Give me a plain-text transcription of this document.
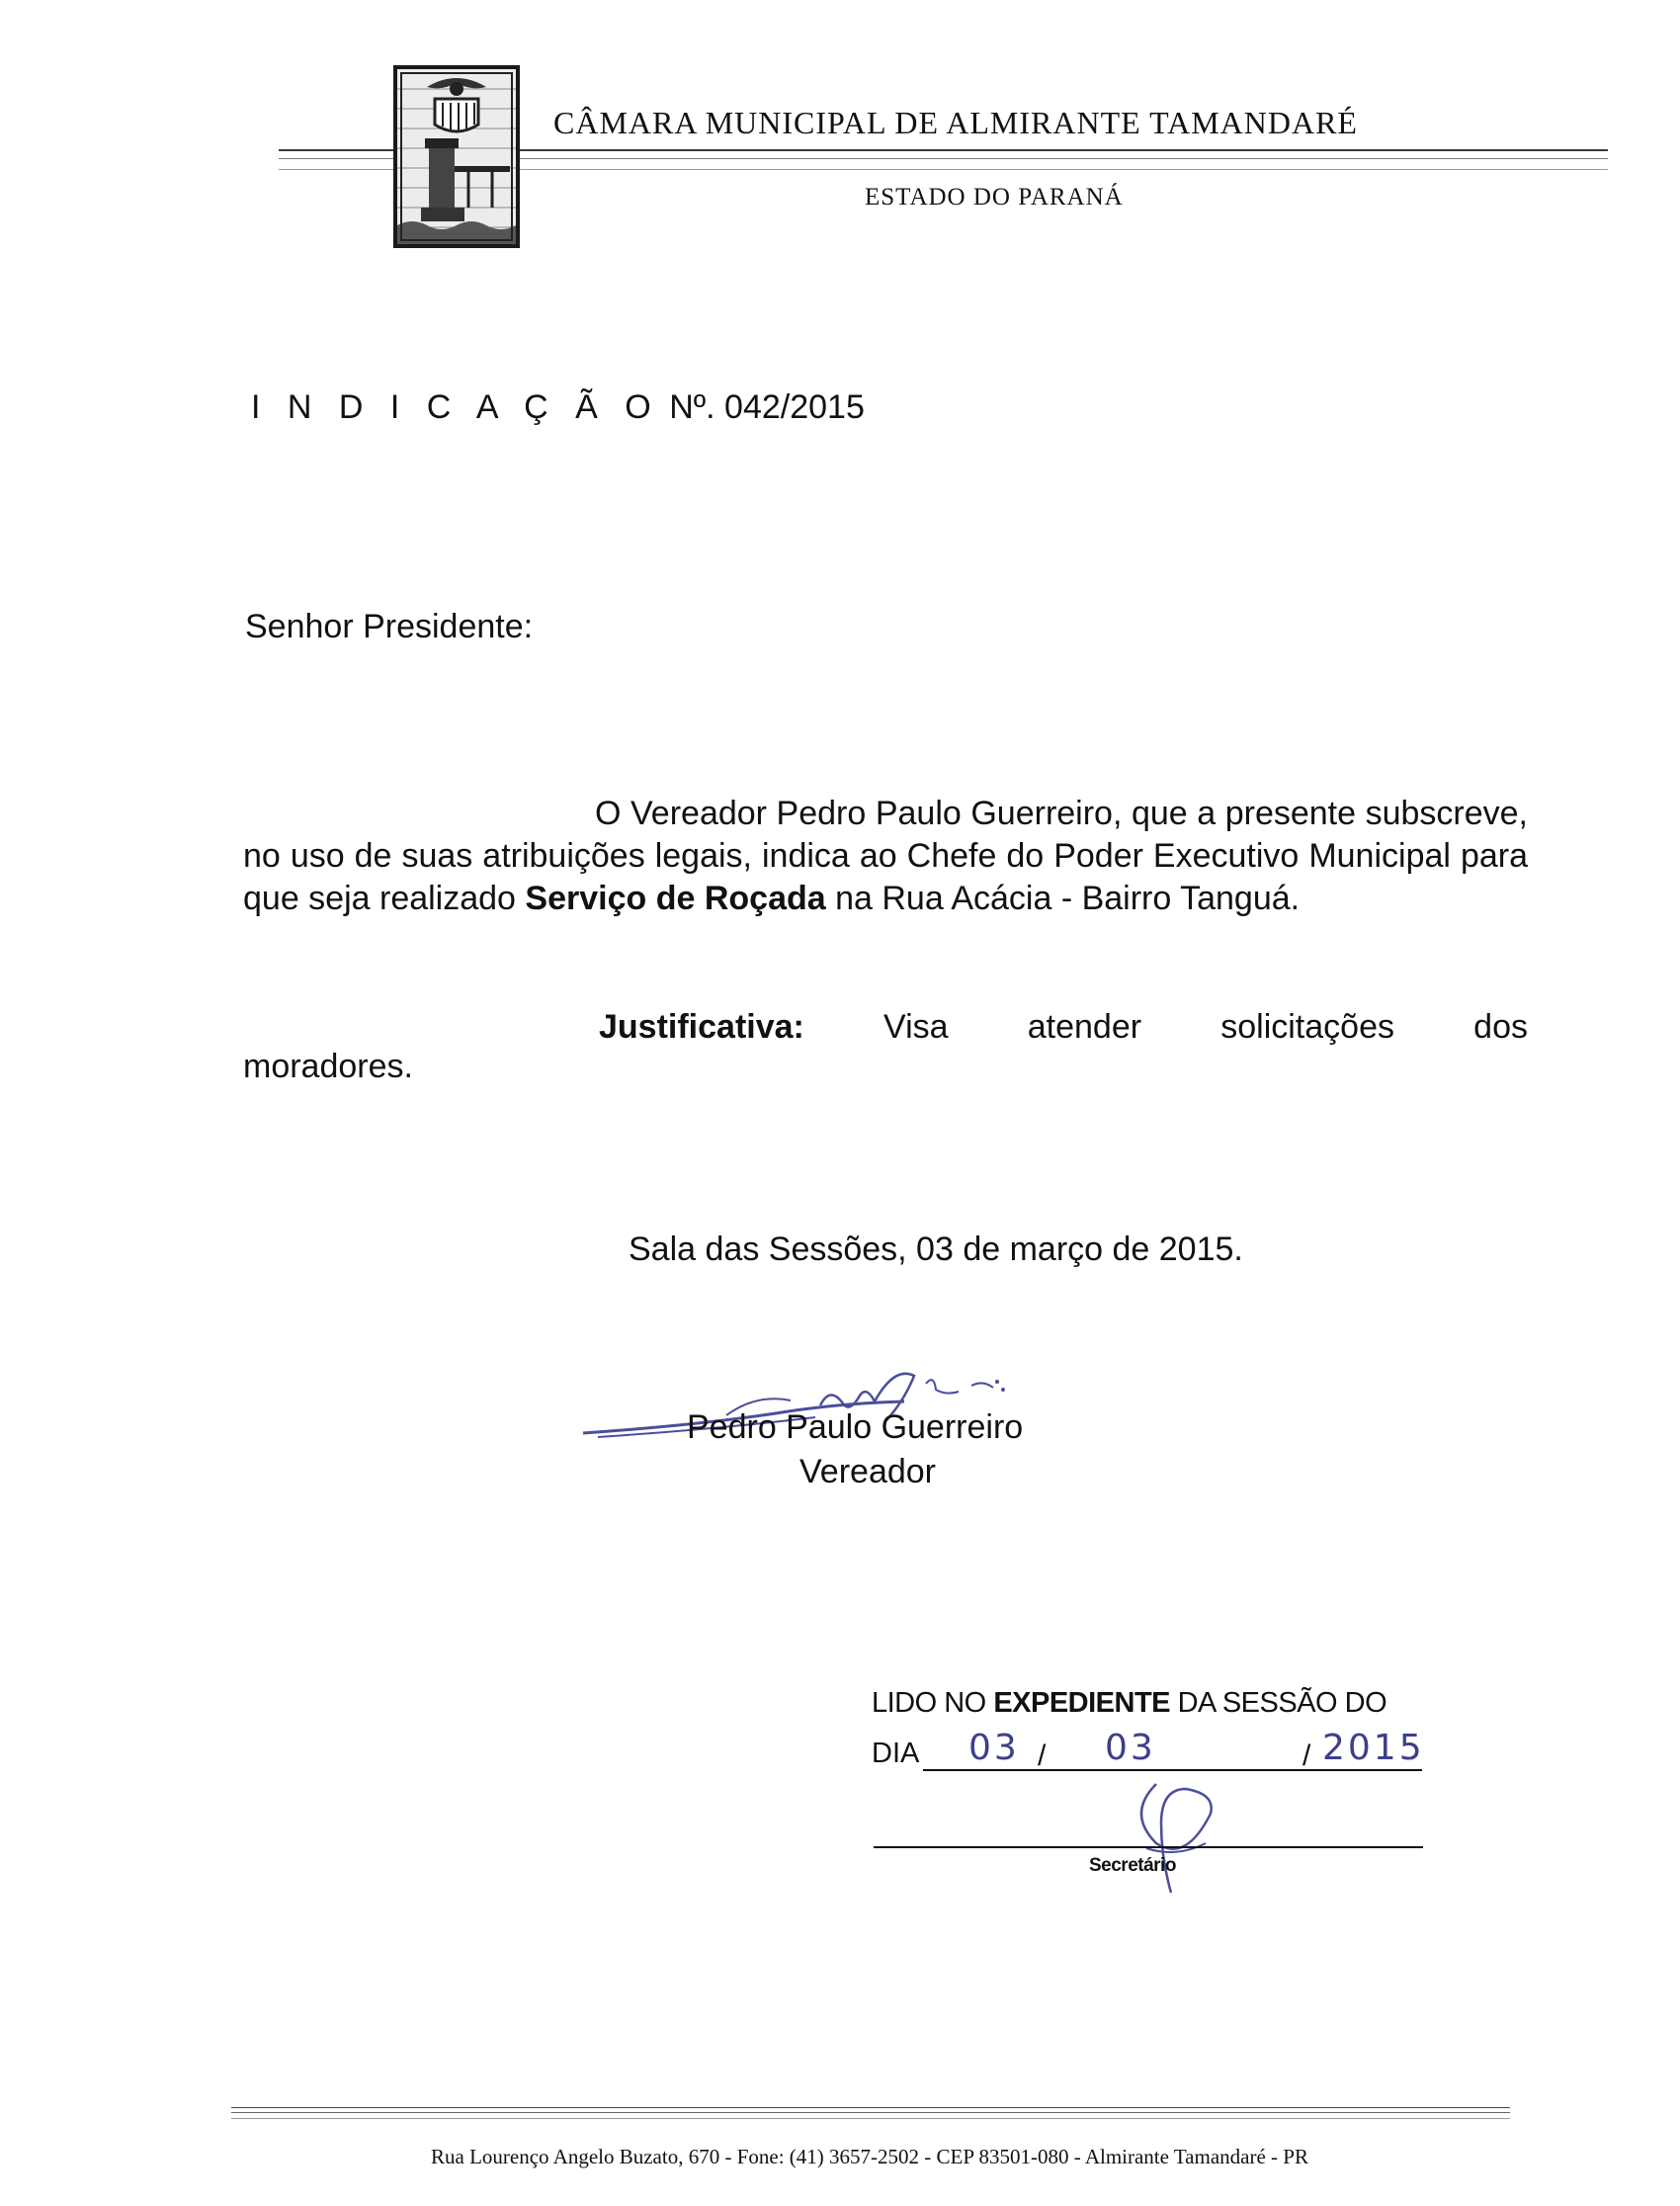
CÂMARA MUNICIPAL DE ALMIRANTE TAMANDARÉ
ESTADO DO PARANÁ
I N D I C A Ç Ã O Nº. 042/2015
Senhor Presidente:
O Vereador Pedro Paulo Guerreiro, que a presente subscreve, no uso de suas atribuições legais, indica ao Chefe do Poder Executivo Municipal para que seja realizado Serviço de Roçada na Rua Acácia - Bairro Tanguá.
Justificativa: Visa atender solicitações dos
moradores.
Sala das Sessões, 03 de março de 2015.
Pedro Paulo Guerreiro
Vereador
LIDO NO EXPEDIENTE DA SESSÃO DO
DIA 03 / 03	/ 2015
Secretário
Rua Lourenço Angelo Buzato, 670 - Fone: (41) 3657-2502 - CEP 83501-080 - Almirante Tamandaré - PR
